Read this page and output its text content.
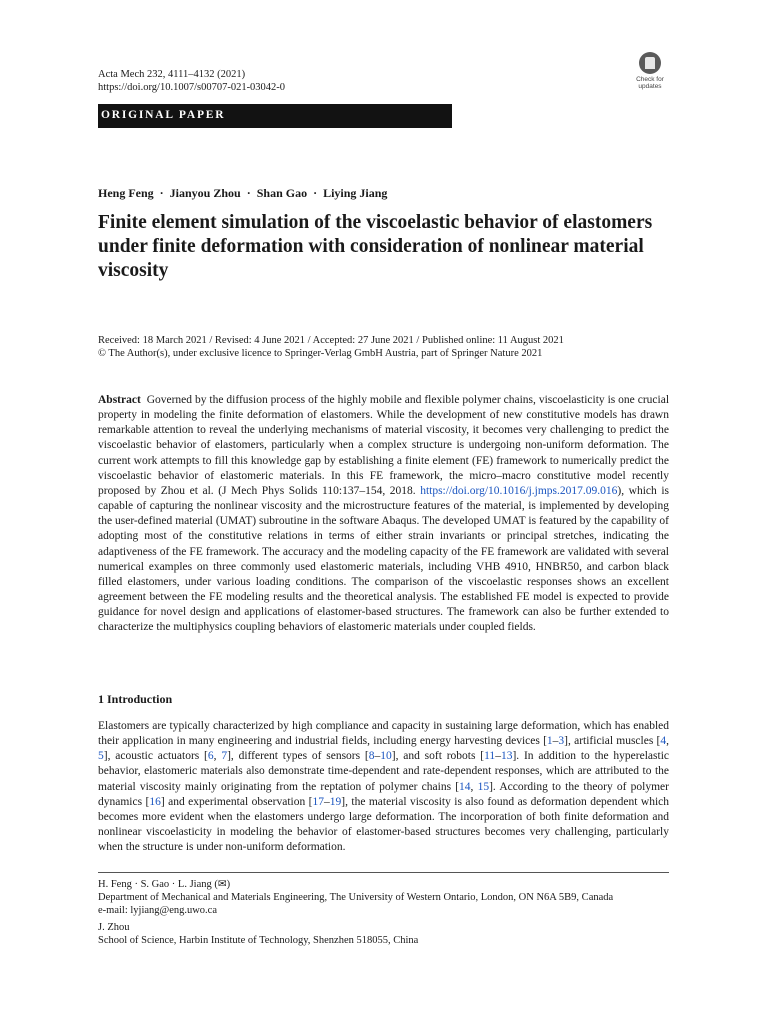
Acta Mech 232, 4111–4132 (2021)
https://doi.org/10.1007/s00707-021-03042-0
Check for
updates
ORIGINAL PAPER
Heng Feng · Jianyou Zhou · Shan Gao · Liying Jiang
Finite element simulation of the viscoelastic behavior of elastomers under finite deformation with consideration of nonlinear material viscosity
Received: 18 March 2021 / Revised: 4 June 2021 / Accepted: 27 June 2021 / Published online: 11 August 2021
© The Author(s), under exclusive licence to Springer-Verlag GmbH Austria, part of Springer Nature 2021

Abstract Governed by the diffusion process of the highly mobile and flexible polymer chains, viscoelasticity is one crucial property in modeling the finite deformation of elastomers. While the development of new constitutive models has drawn remarkable attention to reveal the underlying mechanisms of material viscosity, it becomes very challenging to predict the viscoelastic behavior of elastomers, particularly when a complex structure is undergoing non-uniform deformation. The current work attempts to fill this knowledge gap by establishing a finite element (FE) framework to numerically predict the viscoelastic behavior of elastomeric materials. In this FE framework, the micro–macro constitutive model recently proposed by Zhou et al. (J Mech Phys Solids 110:137–154, 2018. https://doi.org/10.1016/j.jmps.2017.09.016), which is capable of capturing the nonlinear viscosity and the microstructure features of the material, is implemented by developing the user-defined material (UMAT) subroutine in the software Abaqus. The developed UMAT is featured by the capability of adopting most of the constitutive relations in terms of either strain invariants or principal stretches, indicating the adaptiveness of the FE framework. The accuracy and the modeling capacity of the FE framework are validated with several numerical examples on three commonly used elastomeric materials, including VHB 4910, HNBR50, and carbon black filled elastomers, under various loading conditions. The comparison of the viscoelastic responses shows an excellent agreement between the FE modeling results and the theoretical analysis. The established FE model is expected to provide guidance for novel design and applications of elastomer-based structures. The framework can also be further extended to characterize the multiphysics coupling behaviors of elastomeric materials under coupled fields.

1 Introduction

Elastomers are typically characterized by high compliance and capacity in sustaining large deformation, which has enabled their application in many engineering and industrial fields, including energy harvesting devices [1–3], artificial muscles [4, 5], acoustic actuators [6, 7], different types of sensors [8–10], and soft robots [11–13]. In addition to the hyperelastic behavior, elastomeric materials also demonstrate time-dependent and rate-dependent responses, which are attributed to the material viscosity mainly originating from the reptation of polymer chains [14, 15]. According to the theory of polymer dynamics [16] and experimental observation [17–19], the material viscosity is also found as deformation dependent which becomes more evident when the elastomers undergo large deformation. The incorporation of both finite deformation and nonlinear viscoelasticity in modeling the behavior of elastomer-based structures becomes very challenging, particularly when the structure is under non-uniform deformation.

H. Feng · S. Gao · L. Jiang (✉)
Department of Mechanical and Materials Engineering, The University of Western Ontario, London, ON N6A 5B9, Canada
e-mail: lyjiang@eng.uwo.ca
J. Zhou
School of Science, Harbin Institute of Technology, Shenzhen 518055, China
